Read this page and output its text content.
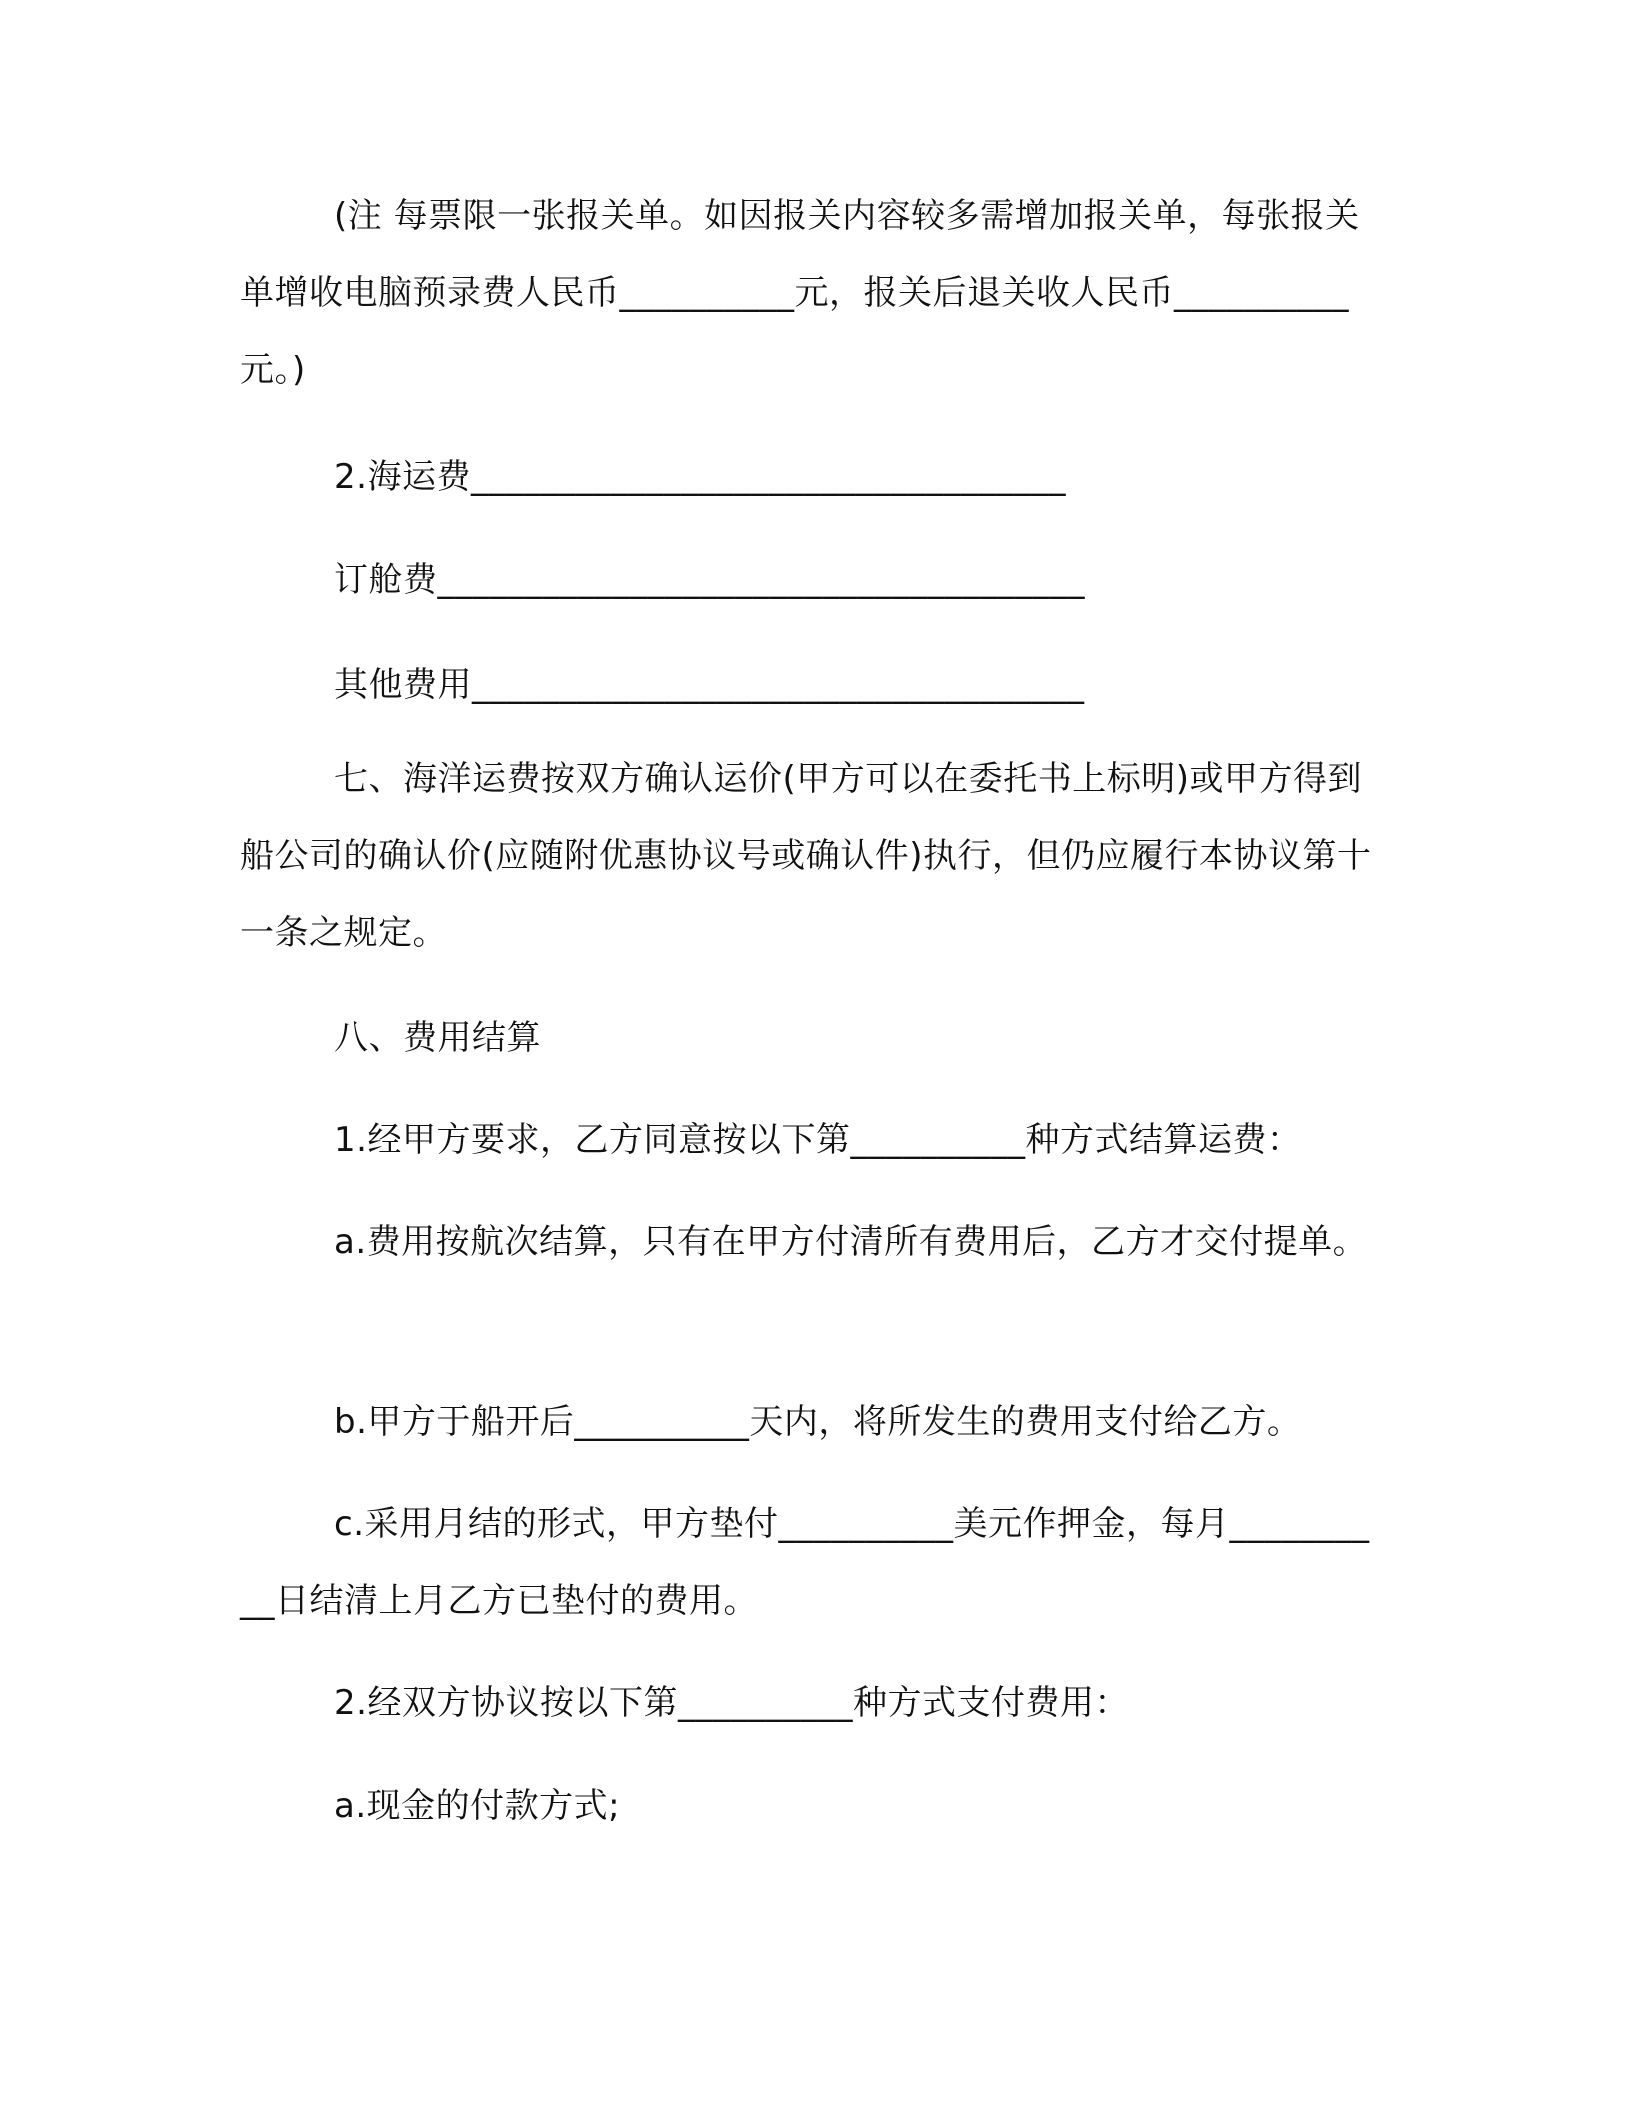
(注 每票限一张报关单。如因报关内容较多需增加报关单，每张报关单增收电脑预录费人民币__________元，报关后退关收人民币__________元。)

2.海运费__________________________________

订舱费_____________________________________

其他费用___________________________________

七、海洋运费按双方确认运价(甲方可以在委托书上标明)或甲方得到船公司的确认价(应随附优惠协议号或确认件)执行，但仍应履行本协议第十一条之规定。

八、费用结算

1.经甲方要求，乙方同意按以下第__________种方式结算运费：

a.费用按航次结算，只有在甲方付清所有费用后，乙方才交付提单。

b.甲方于船开后__________天内，将所发生的费用支付给乙方。

c.采用月结的形式，甲方垫付__________美元作押金，每月__________日结清上月乙方已垫付的费用。

2.经双方协议按以下第__________种方式支付费用：

a.现金的付款方式;
